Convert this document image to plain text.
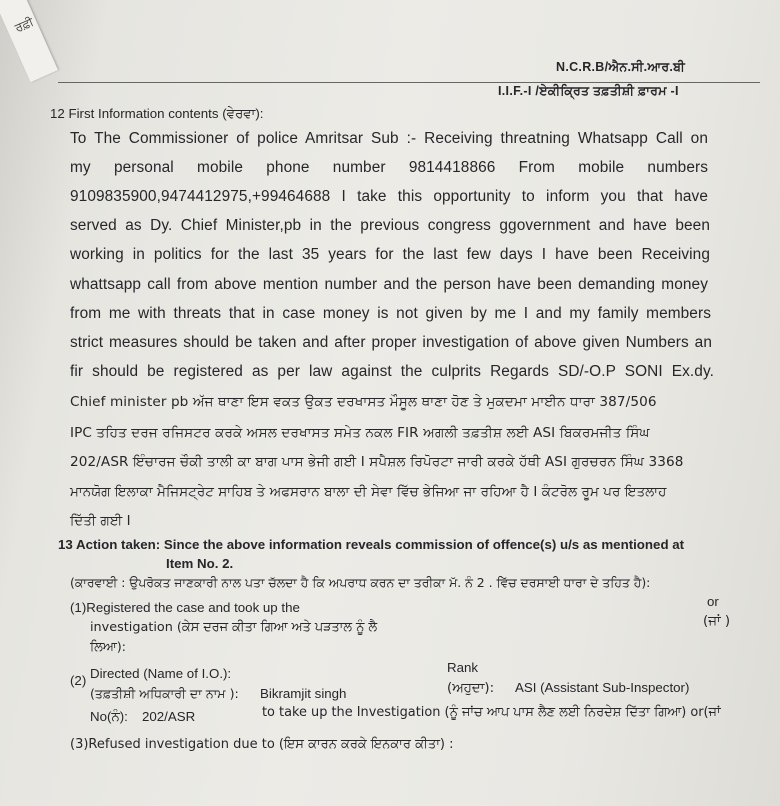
ਰਫ਼ੀ
N.C.R.B/ਐਨ.ਸੀ.ਆਰ.ਬੀ
I.I.F.-I /ਏਕੀਕ੍ਰਿਤ ਤਫ਼ਤੀਸ਼ੀ ਫ਼ਾਰਮ -I
12 First Information contents (ਵੇਰਵਾ):
To The Commissioner of police Amritsar Sub :- Receiving threatning Whatsapp Call on
my personal mobile phone number 9814418866 From mobile numbers
9109835900,9474412975,+99464688 I take this opportunity to inform you that have
served as Dy. Chief Minister,pb in the previous congress ggovernment and have been
working in politics for the last 35 years for the last few days I have been Receiving
whattsapp call from above mention number and the person have been demanding money
from me with threats that in case money is not given by me I and my family members
strict measures should be taken and after proper investigation of above given Numbers an
fir should be registered as per law against the culprits Regards SD/-O.P SONI Ex.dy.
Chief minister pb ਅੱਜ ਥਾਣਾ ਇਸ ਵਕਤ ਉਕਤ ਦਰਖਾਸਤ ਮੌਸੂਲ ਥਾਣਾ ਹੋਣ ਤੇ ਮੁਕਦਮਾ ਮਾਈਨ ਧਾਰਾ 387/506
IPC ਤਹਿਤ ਦਰਜ ਰਜਿਸਟਰ ਕਰਕੇ ਅਸਲ ਦਰਖਾਸਤ ਸਮੇਤ ਨਕਲ FIR ਅਗਲੀ ਤਫ਼ਤੀਸ਼ ਲਈ ASI ਬਿਕਰਮਜੀਤ ਸਿੰਘ
202/ASR ਇੰਚਾਰਜ ਚੌਕੀ ਤਾਲੀ ਕਾ ਬਾਗ ਪਾਸ ਭੇਜੀ ਗਈ I ਸਪੈਸ਼ਲ ਰਿਪੋਰਟਾ ਜਾਰੀ ਕਰਕੇ ਹੱਥੀ ASI ਗੁਰਚਰਨ ਸਿੰਘ 3368
ਮਾਨਯੋਗ ਇਲਾਕਾ ਮੈਜਿਸਟ੍ਰੇਟ ਸਾਹਿਬ ਤੇ ਅਫਸਰਾਨ ਬਾਲਾ ਦੀ ਸੇਵਾ ਵਿੱਚ ਭੇਜਿਆ ਜਾ ਰਹਿਆ ਹੈ I ਕੰਟਰੋਲ ਰੂਮ ਪਰ ਇਤਲਾਹ
ਦਿੱਤੀ ਗਈ I
13 Action taken: Since the above information reveals commission of offence(s) u/s as mentioned at
Item No. 2.
(ਕਾਰਵਾਈ : ਉਪਰੋਕਤ ਜਾਣਕਾਰੀ ਨਾਲ ਪਤਾ ਚੱਲਦਾ ਹੈ ਕਿ ਅਪਰਾਧ ਕਰਨ ਦਾ ਤਰੀਕਾ ਮੱ. ਨੰ 2 . ਵਿੱਚ ਦਰਸਾਈ ਧਾਰਾ ਦੇ ਤਹਿਤ ਹੈ):
(1)Registered the case and took up the
investigation (ਕੇਸ ਦਰਜ ਕੀਤਾ ਗਿਆ ਅਤੇ ਪੜਤਾਲ ਨੂੰ ਲੈ
ਲਿਆ):
or
(ਜਾਂ )
(2) Directed (Name of I.O.):
(ਤਫ਼ਤੀਸ਼ੀ ਅਧਿਕਾਰੀ ਦਾ ਨਾਮ ): Bikramjit singh
Rank
(ਅਹੁਦਾ): ASI (Assistant Sub-Inspector)
No(ਨੰ): 202/ASR	to take up the Investigation (ਨੂੰ ਜਾਂਚ ਆਪ ਪਾਸ ਲੈਣ ਲਈ ਨਿਰਦੇਸ਼ ਦਿੱਤਾ ਗਿਆ) or(ਜਾਂ
(3)Refused investigation due to (ਇਸ ਕਾਰਨ ਕਰਕੇ ਇਨਕਾਰ ਕੀਤਾ) :
